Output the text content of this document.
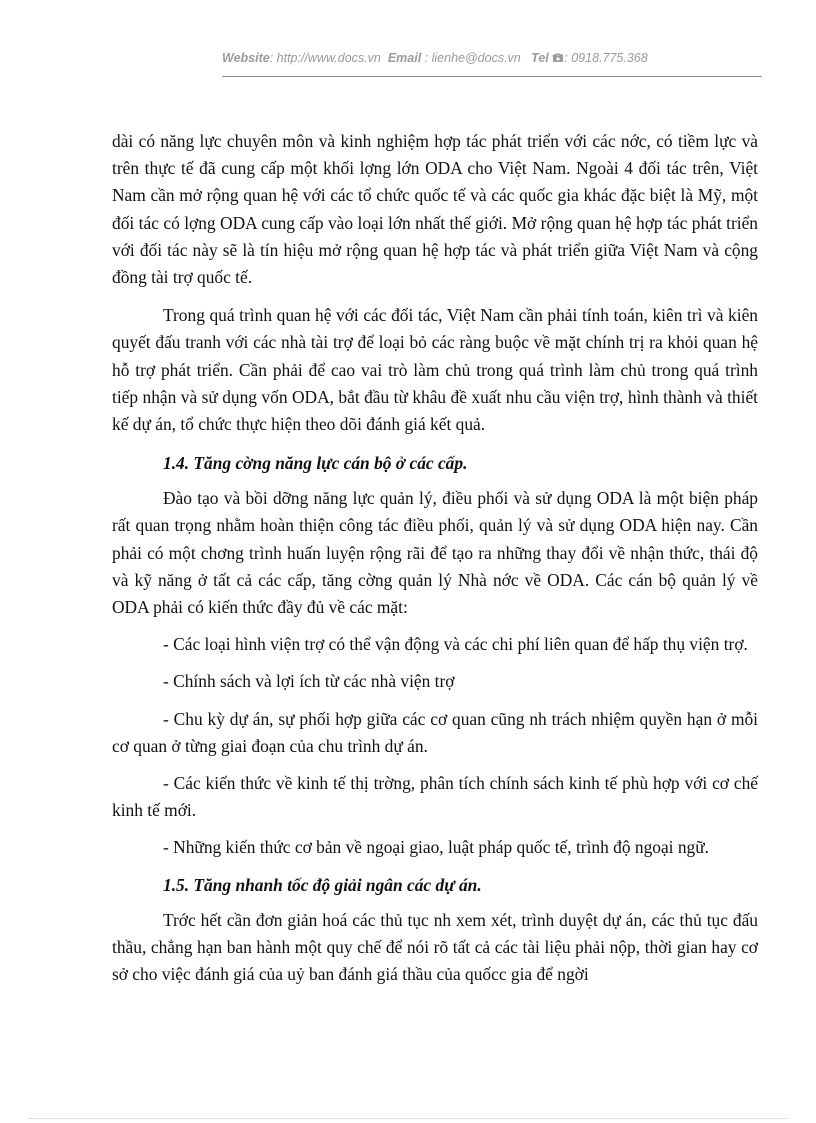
Website: http://www.docs.vn Email : lienhe@docs.vn Tel : 0918.775.368

dài có năng lực chuyên môn và kinh nghiệm hợp tác phát triển với các nớc, có tiềm lực và trên thực tế đã cung cấp một khối lợng lớn ODA cho Việt Nam. Ngoài 4 đối tác trên, Việt Nam cần mở rộng quan hệ với các tổ chức quốc tế và các quốc gia khác đặc biệt là Mỹ, một đối tác có lợng ODA cung cấp vào loại lớn nhất thế giới. Mở rộng quan hệ hợp tác phát triển với đối tác này sẽ là tín hiệu mở rộng quan hệ hợp tác và phát triển giữa Việt Nam và cộng đồng tài trợ quốc tế.

Trong quá trình quan hệ với các đối tác, Việt Nam cần phải tính toán, kiên trì và kiên quyết đấu tranh với các nhà tài trợ để loại bỏ các ràng buộc về mặt chính trị ra khỏi quan hệ hỗ trợ phát triển. Cần phải để cao vai trò làm chủ trong quá trình làm chủ trong quá trình tiếp nhận và sử dụng vốn ODA, bắt đầu từ khâu đề xuất nhu cầu viện trợ, hình thành và thiết kế dự án, tổ chức thực hiện theo dõi đánh giá kết quả.

1.4. Tăng cờng năng lực cán bộ ở các cấp.

Đào tạo và bồi dỡng năng lực quản lý, điều phối và sử dụng ODA là một biện pháp rất quan trọng nhằm hoàn thiện công tác điều phối, quản lý và sử dụng ODA hiện nay. Cần phải có một chơng trình huấn luyện rộng rãi để tạo ra những thay đổi về nhận thức, thái độ và kỹ năng ở tất cả các cấp, tăng cờng quản lý Nhà nớc về ODA. Các cán bộ quản lý về ODA phải có kiến thức đầy đủ về các mặt:

- Các loại hình viện trợ có thể vận động và các chi phí liên quan để hấp thụ viện trợ.

- Chính sách và lợi ích từ các nhà viện trợ

- Chu kỳ dự án, sự phối hợp giữa các cơ quan cũng nh trách nhiệm quyền hạn ở mỗi cơ quan ở từng giai đoạn của chu trình dự án.

- Các kiến thức về kinh tế thị trờng, phân tích chính sách kinh tế phù hợp với cơ chế kinh tế mới.

- Những kiến thức cơ bản về ngoại giao, luật pháp quốc tế, trình độ ngoại ngữ.

1.5. Tăng nhanh tốc độ giải ngân các dự án.

Trớc hết cần đơn giản hoá các thủ tục nh xem xét, trình duyệt dự án, các thủ tục đấu thầu, chẳng hạn ban hành một quy chế để nói rõ tất cả các tài liệu phải nộp, thời gian hay cơ sở cho việc đánh giá của uỷ ban đánh giá thầu của quốcc gia để ngời
